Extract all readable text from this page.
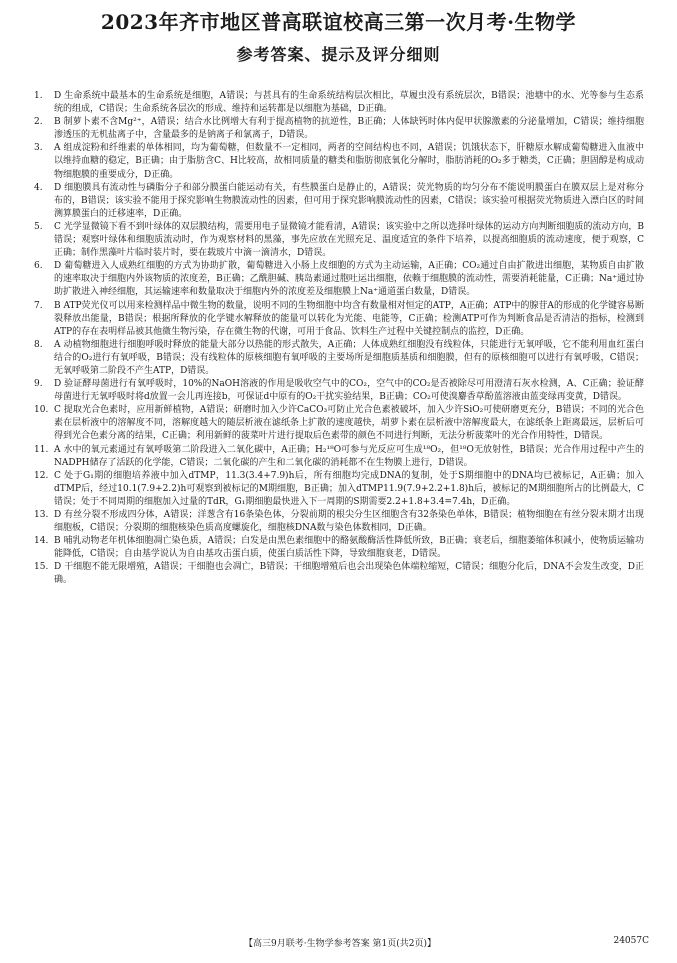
2023年齐市地区普高联谊校高三第一次月考·生物学
参考答案、提示及评分细则
1.	D 生命系统中最基本的生命系统是细胞，A错误；与甚具有的生命系统结构层次相比，草履虫没有系统层次，B错误；池塘中的水、光等参与生态系统的组成，C错误；生命系统各层次的形成、维持和运转都是以细胞为基础，D正确。
2.	B 制萝卜素不含Mg²⁺，A错误；结合水比例增大有利于提高植物的抗逆性，B正确；人体缺钙时体内促甲状腺激素的分泌量增加，C错误；维持细胞渗透压的无机盐离子中，含量最多的是钠离子和氯离子，D错误。
3.	A 组成淀粉和纤维素的单体相同，均为葡萄糖，但数量不一定相同，两者的空间结构也不同，A错误；饥饿状态下，肝糖原水解成葡萄糖进入血液中以维持血糖的稳定，B正确；由于脂肪含C、H比较高，故相同质量的糖类和脂肪彻底氧化分解时，脂肪消耗的O₂多于糖类，C正确；胆固醇是构成动物细胞膜的重要成分，D正确。
4.	D 细胞膜具有流动性与磷脂分子和部分膜蛋白能运动有关，有些膜蛋白是静止的，A错误；荧光物质的均匀分布不能说明膜蛋白在膜双层上是对称分布的，B错误；该实验不能用于探究影响生物膜流动性的因素，但可用于探究影响膜流动性的因素，C错误；该实验可根据荧光物质进入漂白区的时间测算膜蛋白的迁移速率，D正确。
5.	C 光学显微镜下看不到叶绿体的双层膜结构，需要用电子显微镜才能看清，A错误；该实验中之所以选择叶绿体的运动方向判断细胞质的流动方向，B错误；观察叶绿体和细胞质流动时，作为观察材料的黑藻，事先应放在光照充足、温度适宜的条件下培养，以提高细胞质的流动速度，便于观察，C正确；制作黑藻叶片临时装片时，要在载玻片中滴一滴清水，D错误。
6.	D 葡萄糖进入人成熟红细胞的方式为协助扩散，葡萄糖进入小肠上皮细胞的方式为主动运输，A正确；CO₂通过自由扩散进出细胞，某物质自由扩散的速率取决于细胞内外该物质的浓度差，B正确；乙酰胆碱、胰岛素通过胞吐运出细胞，依赖于细胞膜的流动性，需要消耗能量，C正确；Na⁺通过协助扩散进入神经细胞，其运输速率和数量取决于细胞内外的浓度差及细胞膜上Na⁺通道蛋白数量，D错误。
7.	B ATP荧光仪可以用来检测样品中微生物的数量，说明不同的生物细胞中均含有数量相对恒定的ATP，A正确；ATP中的腺苷A的形成的化学键容易断裂释放出能量，B错误；根据所释放的化学键水解释放的能量可以转化为光能、电能等，C正确；检测ATP可作为判断食品是否清洁的指标，检测到ATP的存在表明样品被其他微生物污染，存在微生物的代谢，可用于食品、饮料生产过程中关键控制点的监控，D正确。
8.	A 动植物细胞进行细胞呼吸时释放的能量大部分以热能的形式散失，A正确；人体成熟红细胞没有线粒体，只能进行无氧呼吸，它不能利用血红蛋白结合的O₂进行有氧呼吸，B错误；没有线粒体的原核细胞有氧呼吸的主要场所是细胞质基质和细胞膜，但有的原核细胞可以进行有氧呼吸，C错误；无氧呼吸第二阶段不产生ATP，D错误。
9.	D 验证酵母菌进行有氧呼吸时，10%的NaOH溶液的作用是吸收空气中的CO₂，空气中的CO₂是否被除尽可用澄清石灰水检测，A、C正确；验证酵母菌进行无氧呼吸时将d放置一会儿再连接b，可保证d中原有的O₂干扰实验结果，B正确；CO₂可使溴麝香草酚蓝溶液由蓝变绿再变黄，D错误。
10. C 提取光合色素时，应用新鲜植物，A错误；研磨时加入少许CaCO₃可防止光合色素被破坏，加入少许SiO₂可使研磨更充分，B错误；不同的光合色素在层析液中的溶解度不同，溶解度越大的随层析液在滤纸条上扩散的速度越快，胡萝卜素在层析液中溶解度最大，在滤纸条上距离最远，层析后可得到光合色素分离的结果，C正确；利用新鲜的菠菜叶片进行提取后色素带的颜色不同进行判断，无法分析菠菜叶的光合作用特性，D错误。
11. A 水中的氧元素通过有氧呼吸第二阶段进入二氧化碳中，A正确；H₂¹⁸O可参与光反应可生成¹⁸O₂，但¹⁸O无放射性，B错误；光合作用过程中产生的NADPH储存了活跃的化学能，C错误；二氧化碳的产生和二氧化碳的消耗都不在生物膜上进行，D错误。
12. C 处于G₁期的细胞培养液中加入dTMP，11.3(3.4+7.9)h后，所有细胞均完成DNA的复制，处于S期细胞中的DNA均已被标记，A正确；加入dTMP后，经过10.1(7.9+2.2)h可观察到被标记的M期细胞，B正确；加入dTMP11.9(7.9+2.2+1.8)h后，被标记的M期细胞所占的比例最大，C错误；处于不同周期的细胞加入过量的TdR，G₁期细胞最快进入下一周期的S期需要2.2+1.8+3.4=7.4h，D正确。
13. D 有丝分裂不形成四分体，A错误；洋葱含有16条染色体，分裂前期的根尖分生区细胞含有32条染色单体，B错误；植物细胞在有丝分裂末期才出现细胞板，C错误；分裂期的细胞核染色质高度螺旋化，细胞核DNA数与染色体数相同，D正确。
14. B 哺乳动物老年机体细胞凋亡染色质，A错误；白发是由黑色素细胞中的酪氨酸酶活性降低所致，B正确；衰老后，细胞萎缩体积减小，使物质运输功能降低，C错误；自由基学说认为自由基攻击蛋白质，使蛋白质活性下降，导致细胞衰老，D错误。
15. D 干细胞不能无限增殖，A错误；干细胞也会凋亡，B错误；干细胞增殖后也会出现染色体端粒缩短，C错误；细胞分化后，DNA不会发生改变，D正确。
【高三9月联考·生物学参考答案 第1页(共2页)】	24057C
